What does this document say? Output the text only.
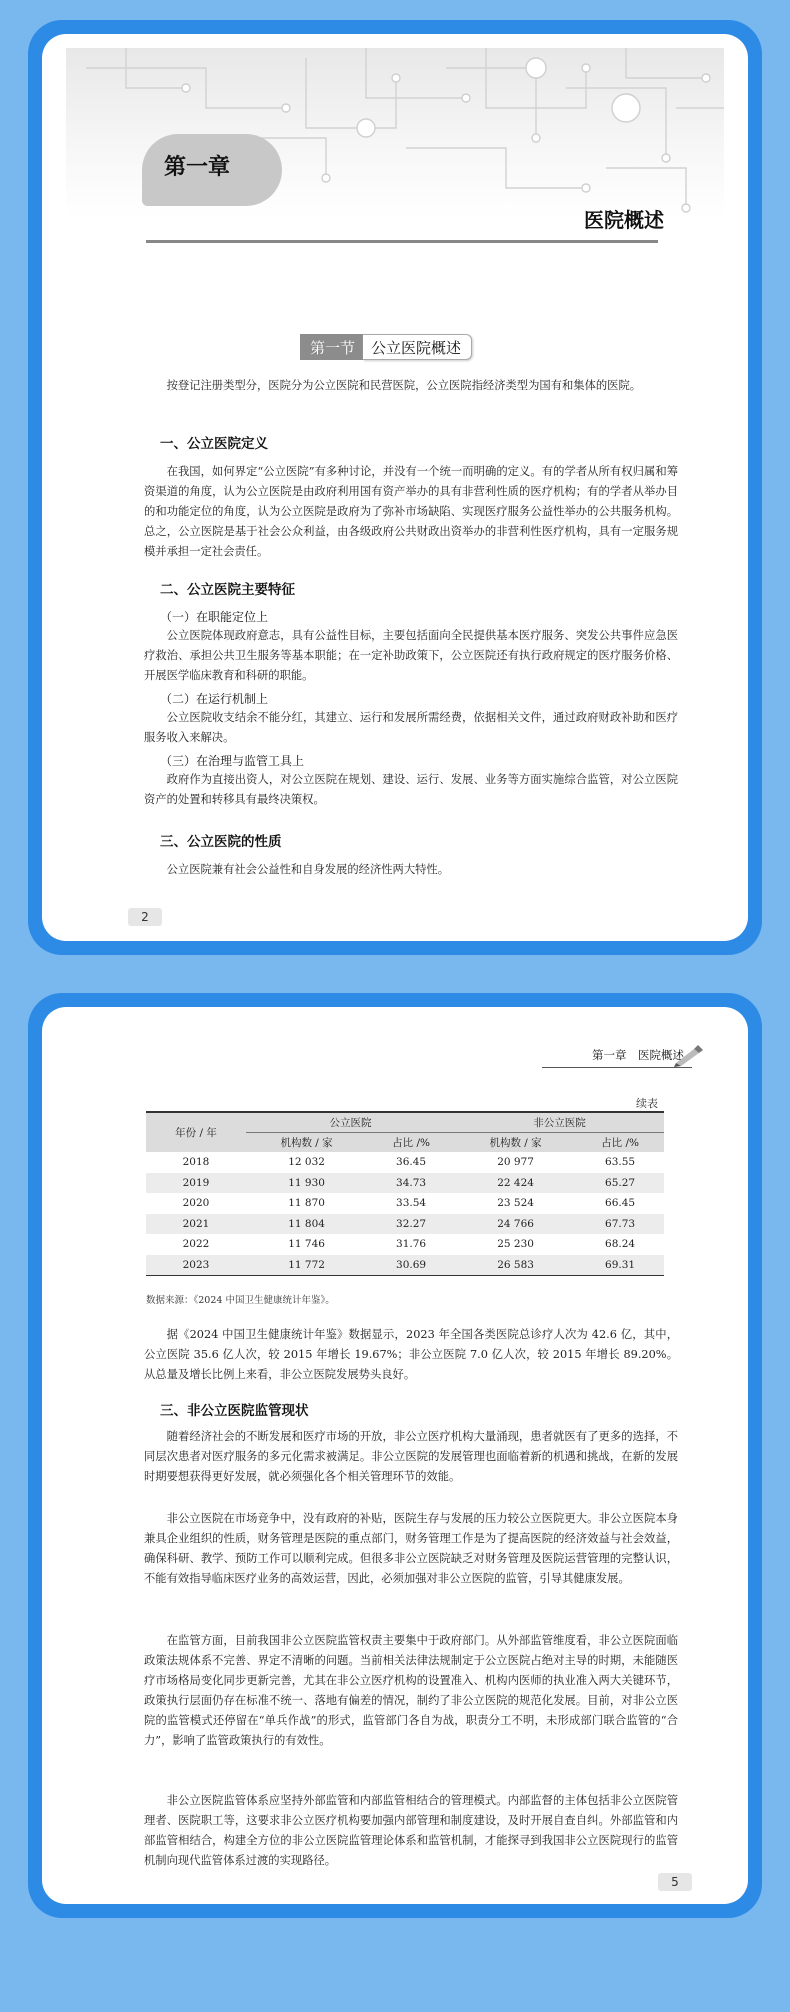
第一章
医院概述
第一节	公立医院概述

按登记注册类型分，医院分为公立医院和民营医院，公立医院指经济类型为国有和集体的医院。

一、公立医院定义

在我国，如何界定“公立医院”有多种讨论，并没有一个统一而明确的定义。有的学者从所有权归属和筹资渠道的角度，认为公立医院是由政府利用国有资产举办的具有非营利性质的医疗机构；有的学者从举办目的和功能定位的角度，认为公立医院是政府为了弥补市场缺陷、实现医疗服务公益性举办的公共服务机构。总之，公立医院是基于社会公众利益，由各级政府公共财政出资举办的非营利性医疗机构，具有一定服务规模并承担一定社会责任。

二、公立医院主要特征
（一）在职能定位上

公立医院体现政府意志，具有公益性目标，主要包括面向全民提供基本医疗服务、突发公共事件应急医疗救治、承担公共卫生服务等基本职能；在一定补助政策下，公立医院还有执行政府规定的医疗服务价格、开展医学临床教育和科研的职能。

（二）在运行机制上

公立医院收支结余不能分红，其建立、运行和发展所需经费，依据相关文件，通过政府财政补助和医疗服务收入来解决。

（三）在治理与监管工具上

政府作为直接出资人，对公立医院在规划、建设、运行、发展、业务等方面实施综合监管，对公立医院资产的处置和转移具有最终决策权。

三、公立医院的性质

公立医院兼有社会公益性和自身发展的经济性两大特性。

2
第一章　医院概述
续表
年份 / 年	公立医院		非公立医院	
	机构数 / 家	占比 /%	机构数 / 家	占比 /%
2018	12 032	36.45	20 977	63.55
2019	11 930	34.73	22 424	65.27
2020	11 870	33.54	23 524	66.45
2021	11 804	32.27	24 766	67.73
2022	11 746	31.76	25 230	68.24
2023	11 772	30.69	26 583	69.31
数据来源：《2024 中国卫生健康统计年鉴》。

据《2024 中国卫生健康统计年鉴》数据显示，2023 年全国各类医院总诊疗人次为 42.6 亿，其中，公立医院 35.6 亿人次，较 2015 年增长 19.67%；非公立医院 7.0 亿人次，较 2015 年增长 89.20%。从总量及增长比例上来看，非公立医院发展势头良好。

三、非公立医院监管现状

随着经济社会的不断发展和医疗市场的开放，非公立医疗机构大量涌现，患者就医有了更多的选择，不同层次患者对医疗服务的多元化需求被满足。非公立医院的发展管理也面临着新的机遇和挑战，在新的发展时期要想获得更好发展，就必须强化各个相关管理环节的效能。

非公立医院在市场竞争中，没有政府的补贴，医院生存与发展的压力较公立医院更大。非公立医院本身兼具企业组织的性质，财务管理是医院的重点部门，财务管理工作是为了提高医院的经济效益与社会效益，确保科研、教学、预防工作可以顺利完成。但很多非公立医院缺乏对财务管理及医院运营管理的完整认识，不能有效指导临床医疗业务的高效运营，因此，必须加强对非公立医院的监管，引导其健康发展。

在监管方面，目前我国非公立医院监管权责主要集中于政府部门。从外部监管维度看，非公立医院面临政策法规体系不完善、界定不清晰的问题。当前相关法律法规制定于公立医院占绝对主导的时期，未能随医疗市场格局变化同步更新完善，尤其在非公立医疗机构的设置准入、机构内医师的执业准入两大关键环节，政策执行层面仍存在标准不统一、落地有偏差的情况，制约了非公立医院的规范化发展。目前，对非公立医院的监管模式还停留在“单兵作战”的形式，监管部门各自为战，职责分工不明，未形成部门联合监管的“合力”，影响了监管政策执行的有效性。

非公立医院监管体系应坚持外部监管和内部监管相结合的管理模式。内部监督的主体包括非公立医院管理者、医院职工等，这要求非公立医疗机构要加强内部管理和制度建设，及时开展自查自纠。外部监管和内部监管相结合，构建全方位的非公立医院监管理论体系和监管机制，才能探寻到我国非公立医院现行的监管机制向现代监管体系过渡的实现路径。

5
